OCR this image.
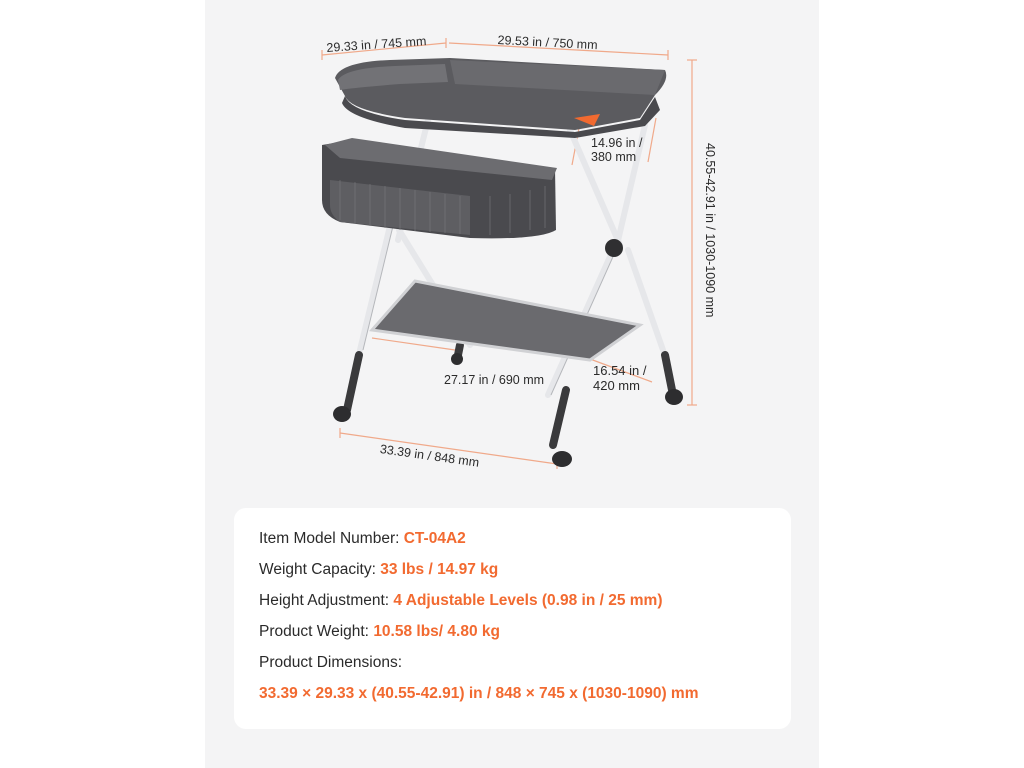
29.33 in / 745 mm	29.53 in / 750 mm
14.96 in /
380 mm	40.55-42.91 in / 1030-1090 mm
27.17 in / 690 mm
16.54 in /
420 mm
33.39 in / 848 mm
Item Model Number: CT-04A2
Weight Capacity: 33 lbs / 14.97 kg
Height Adjustment: 4 Adjustable Levels (0.98 in / 25 mm)
Product Weight: 10.58 lbs/ 4.80 kg
Product Dimensions:
33.39 × 29.33 x (40.55-42.91) in / 848 × 745 x (1030-1090) mm
